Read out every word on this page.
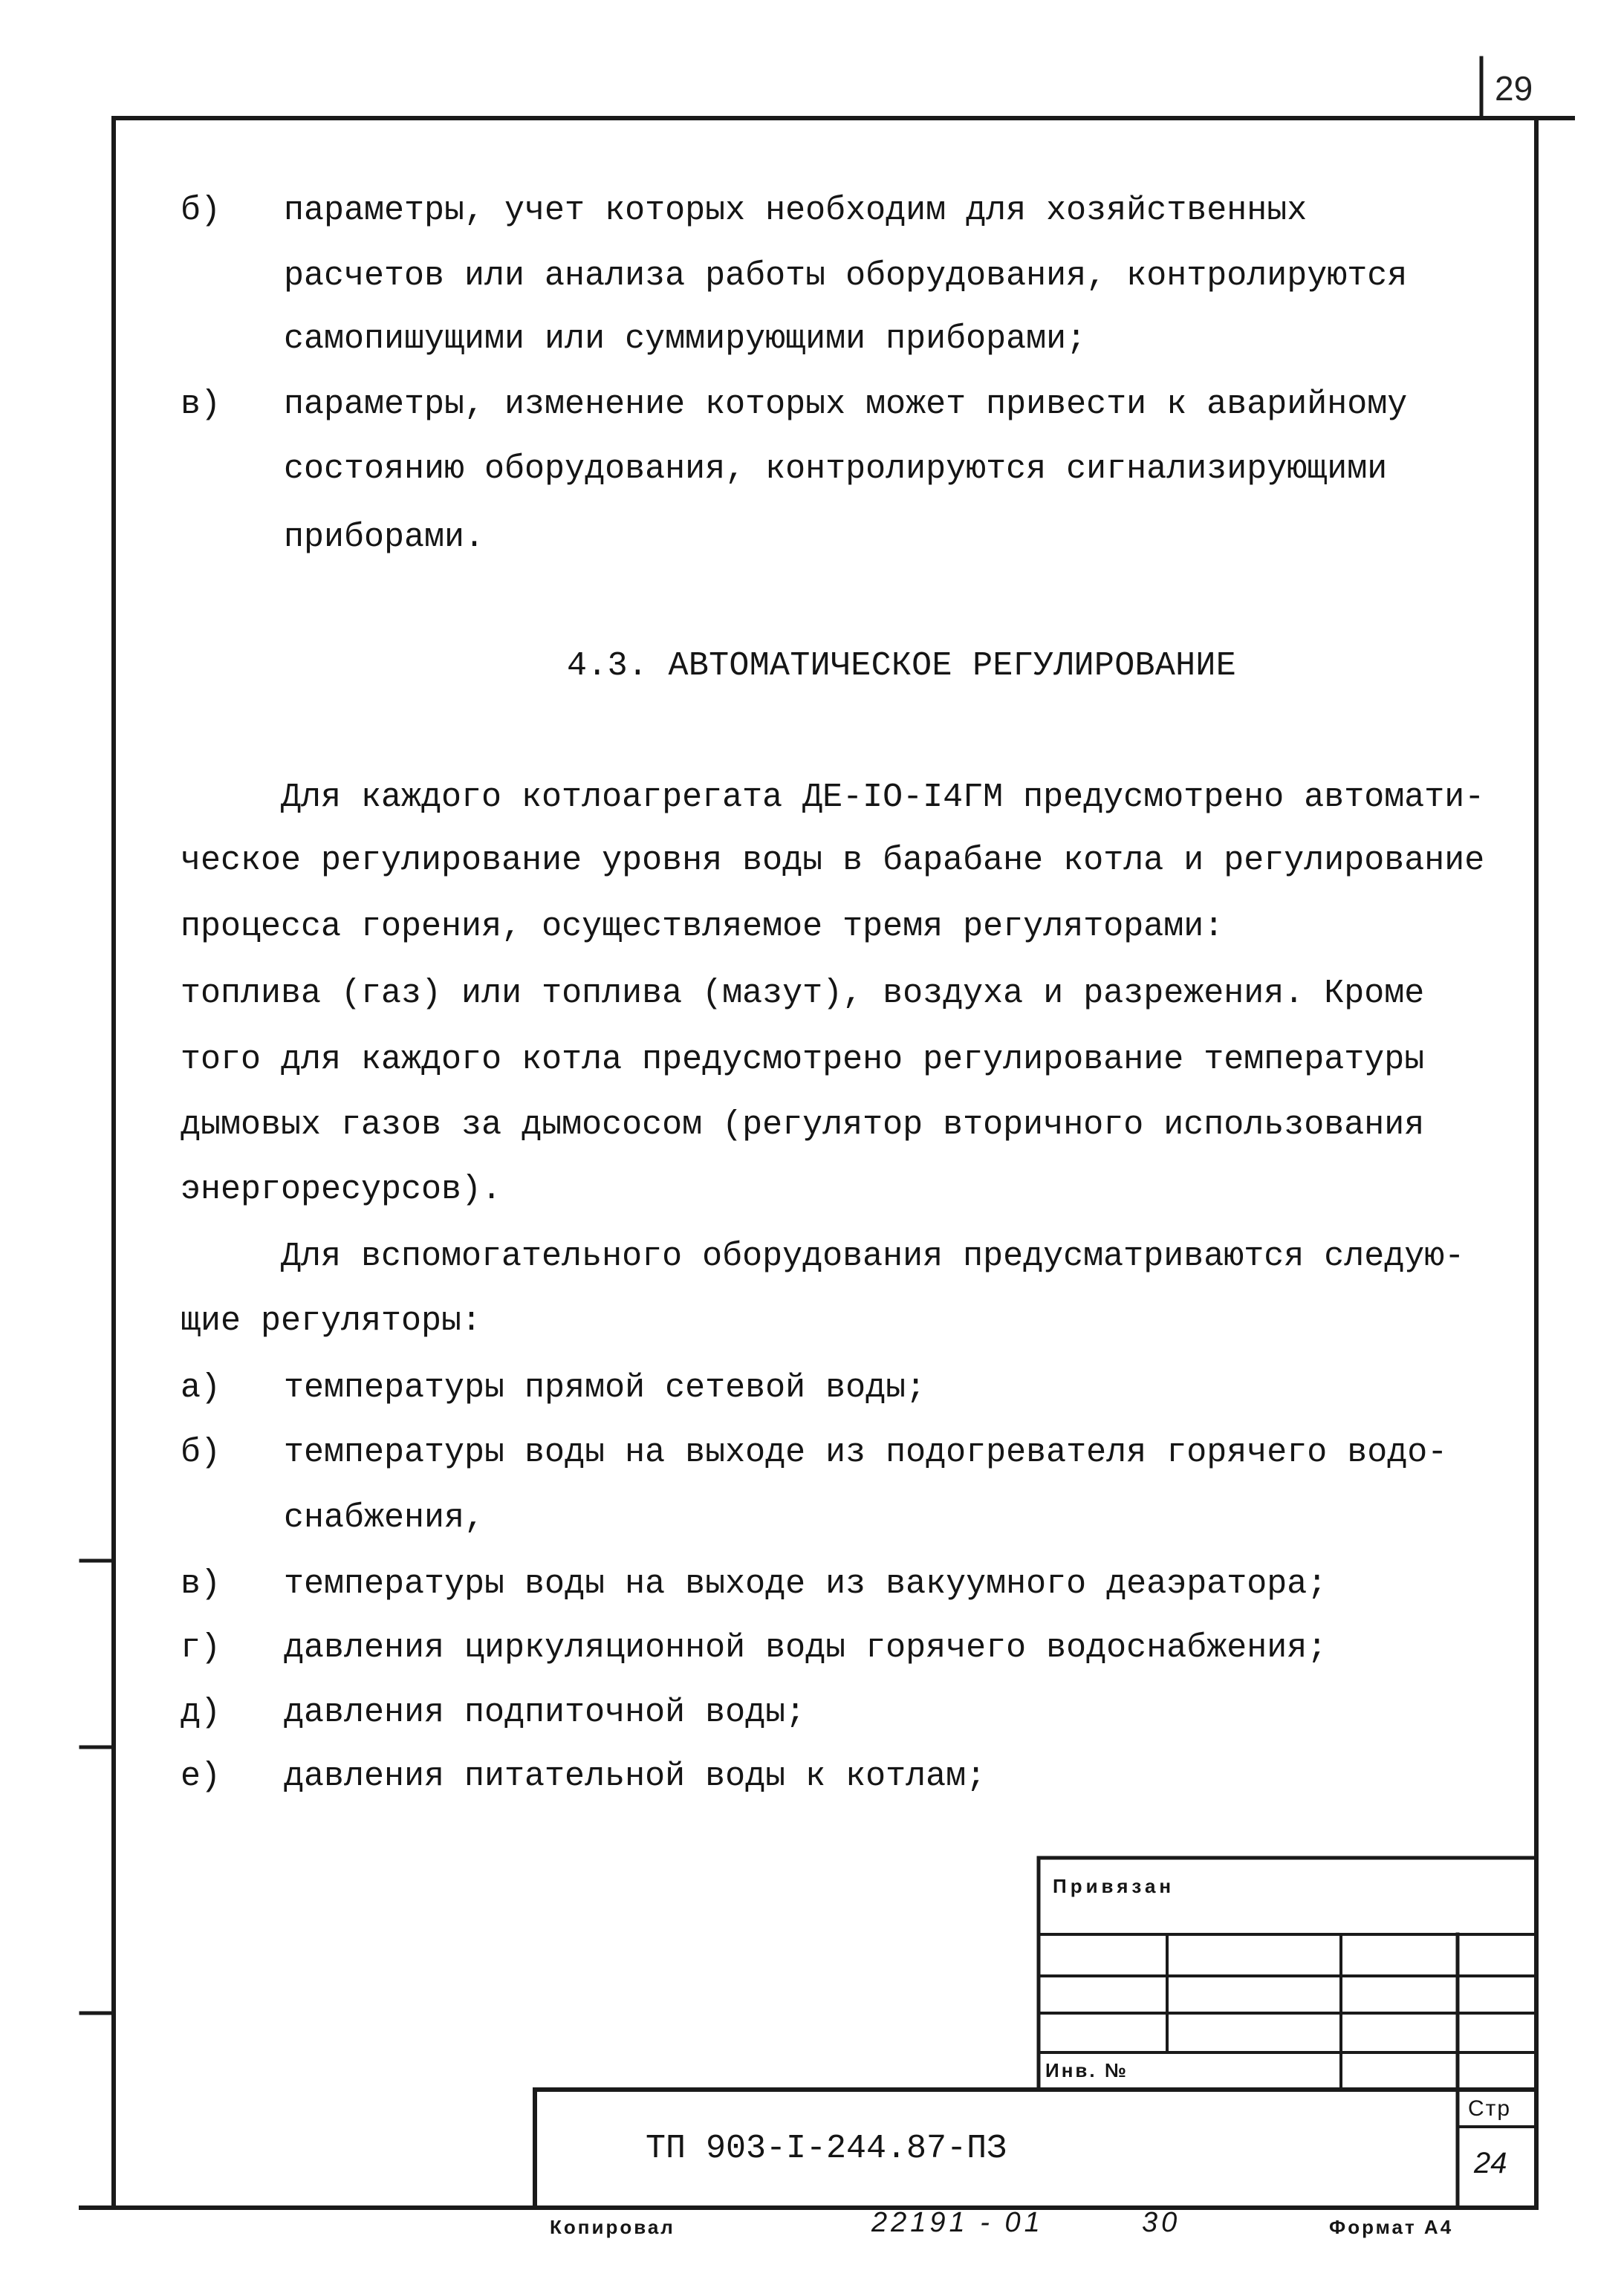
29
б) параметры, учет которых необходим для хозяйственных
расчетов или анализа работы оборудования, контролируются
самопишущими или суммирующими приборами;
в) параметры, изменение которых может привести к аварийному
состоянию оборудования, контролируются сигнализирующими
приборами.
4.3. АВТОМАТИЧЕСКОЕ РЕГУЛИРОВАНИЕ
Для каждого котлоагрегата ДЕ-IO-I4ГМ предусмотрено автомати-
ческое регулирование уровня воды в барабане котла и регулирование
процесса горения, осуществляемое тремя регуляторами:
топлива (газ) или топлива (мазут), воздуха и разрежения. Кроме
того для каждого котла предусмотрено регулирование температуры
дымовых газов за дымососом (регулятор вторичного использования
энергоресурсов).
Для вспомогательного оборудования предусматриваются следую-
щие регуляторы:
а) температуры прямой сетевой воды;
б) температуры воды на выходе из подогревателя горячего водо-
снабжения,
в) температуры воды на выходе из вакуумного деаэратора;
г) давления циркуляционной воды горячего водоснабжения;
д) давления подпиточной воды;
е) давления питательной воды к котлам;
Привязан
Инв. №
ТП 903-I-244.87-ПЗ
Стр
24
Копировал	22191 - 01	30	Формат А4
